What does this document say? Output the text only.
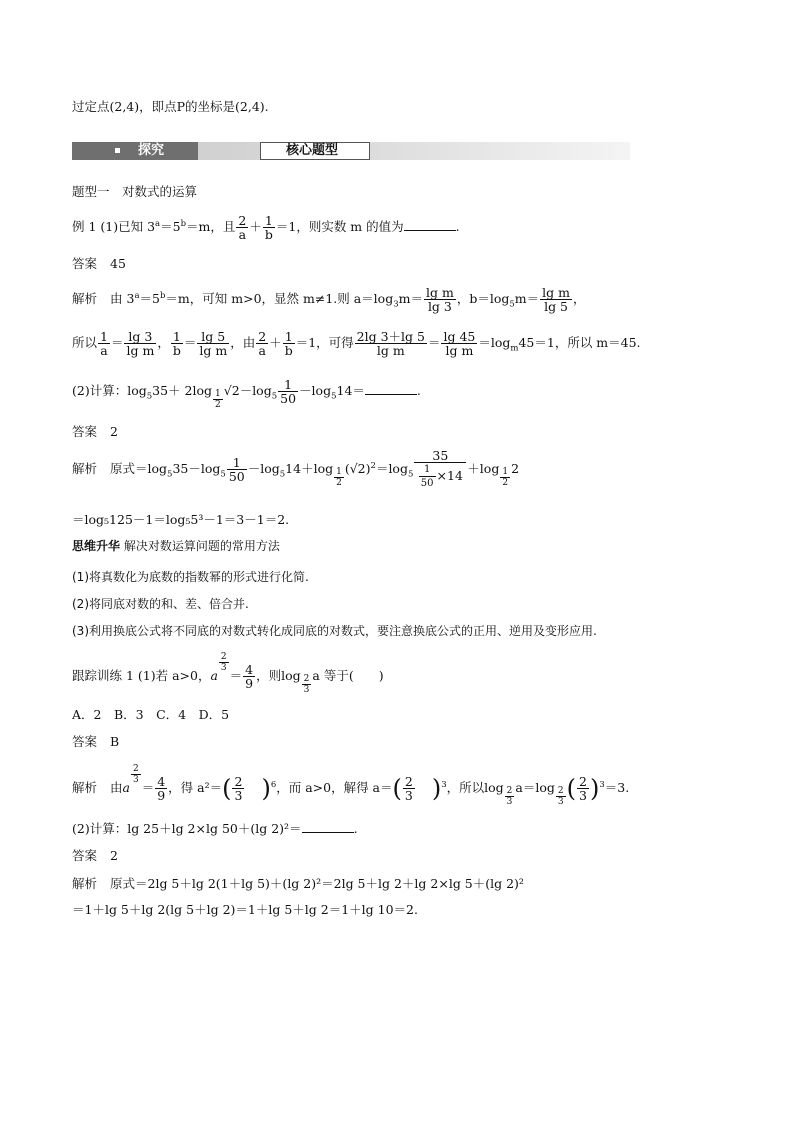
过定点(2,4)，即点P的坐标是(2,4).
探究	核心题型
题型一　对数式的运算
例 1 (1)已知 $3^a=5^b=m$，且 $\frac{2}{a} + \frac{1}{b} =1$，则实数 m 的值为	.
答案 45
解析 由 $3^a=5^b=m$，可知 m>0，显然 m≠1.则 $a=\log_3m= \frac{\text{lg m}}{\lg 3}$ ，$b=\log_5m= \frac{\text{lg m}}{\lg 5}$ ，
所以 $\frac{1}{a} = \frac{\lg 3}{\text{lg m}}$ ， $\frac{1}{b} = \frac{\lg 5}{\text{lg m}}$ ，由 $\frac{2}{a} + \frac{1}{b} =1$，可得 $\frac{2\lg 3+\lg 5}{\text{lg m}} = \frac{\lg 45}{\text{lg m}} =\log_m45=1$，所以 m＝45.
(2)计算：$\log_535+ 2\log \frac{1}{2} √2-\log_5 \frac{1}{50} -\log_514=$	.
答案 2
解析 原式$=\log_535-\log_5 \frac{1}{50} -\log_514+\log \frac{1}{2} (√2)^2=\log_5 \frac{35}{\frac{1}{50} \times 14} +\log \frac{1}{2} 2$
＝log₅125－1＝log₅5³－1＝3－1＝2.
思维升华 解决对数运算问题的常用方法
(1)将真数化为底数的指数幂的形式进行化简.
(2)将同底对数的和、差、倍合并.
(3)利用换底公式将不同底的对数式转化成同底的对数式，要注意换底公式的正用、逆用及变形应用.
跟踪训练 1 (1)若 a>0，a
$\frac{2}{3}$
＝ $\frac{4}{9}$ ，则$\log \frac{2}{3}$ a 等于(　　)
A．2　B．3　C．4　D．5
答案 B
解析 由a
$\frac{2}{3}$
＝ $\frac{4}{9}$ ，得 $a^2=( \frac{2}{3} )^6$，而 a>0，解得 $a=( \frac{2}{3} )^3$，所以$\log \frac{2}{3} a=\log \frac{2}{3}$ ( $\frac{2}{3} )^3=3$.
(2)计算：lg 25＋lg 2×lg 50＋(lg 2)²＝	.
答案 2
解析 原式＝2lg 5＋lg 2(1＋lg 5)＋(lg 2)²＝2lg 5＋lg 2＋lg 2×lg 5＋(lg 2)²
＝1＋lg 5＋lg 2(lg 5＋lg 2)＝1＋lg 5＋lg 2＝1＋lg 10＝2.
